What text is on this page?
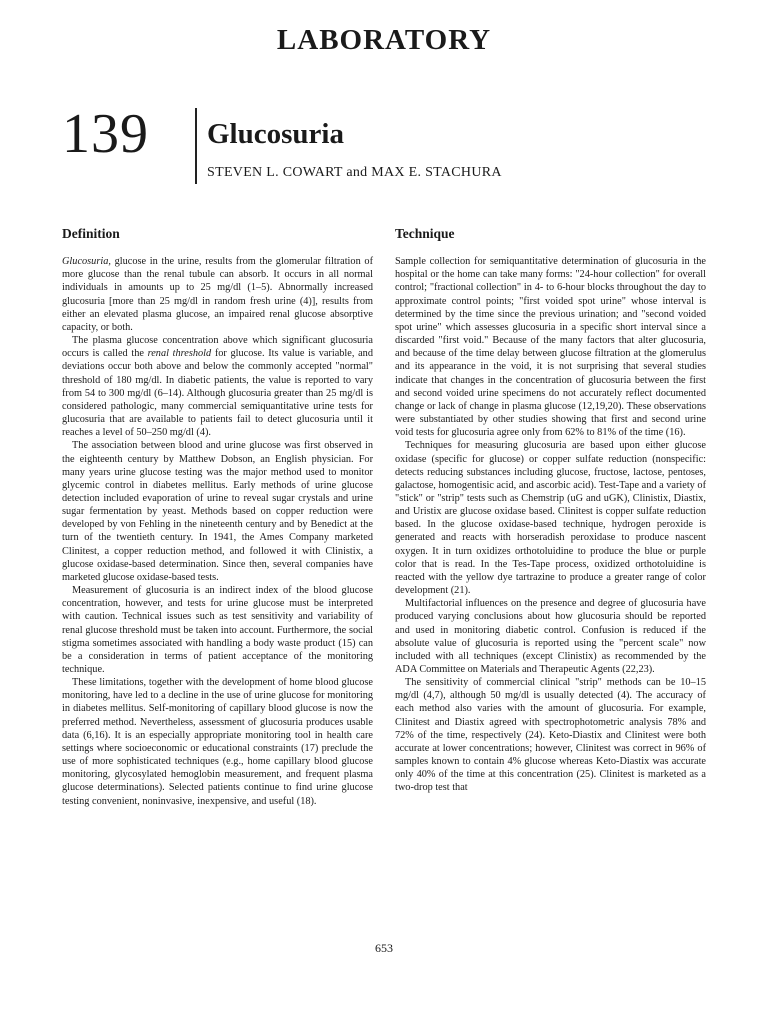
LABORATORY
139 Glucosuria
STEVEN L. COWART and MAX E. STACHURA
Definition

Glucosuria, glucose in the urine, results from the glomerular filtration of more glucose than the renal tubule can absorb. It occurs in all normal individuals in amounts up to 25 mg/dl (1–5). Abnormally increased glucosuria [more than 25 mg/dl in random fresh urine (4)], results from either an elevated plasma glucose, an impaired renal glucose absorptive capacity, or both.

The plasma glucose concentration above which significant glucosuria occurs is called the renal threshold for glucose. Its value is variable, and deviations occur both above and below the commonly accepted "normal" threshold of 180 mg/dl. In diabetic patients, the value is reported to vary from 54 to 300 mg/dl (6–14). Although glucosuria greater than 25 mg/dl is considered pathologic, many commercial semiquantitative urine tests for glucosuria that are available to patients fail to detect glucosuria until it reaches a level of 50–250 mg/dl (4).

The association between blood and urine glucose was first observed in the eighteenth century by Matthew Dobson, an English physician. For many years urine glucose testing was the major method used to monitor glycemic control in diabetes mellitus. Early methods of urine glucose detection included evaporation of urine to reveal sugar crystals and urine sugar fermentation by yeast. Methods based on copper reduction were developed by von Fehling in the nineteenth century and by Benedict at the turn of the twentieth century. In 1941, the Ames Company marketed Clinitest, a copper reduction method, and followed it with Clinistix, a glucose oxidase-based determination. Since then, several companies have marketed glucose oxidase-based tests.

Measurement of glucosuria is an indirect index of the blood glucose concentration, however, and tests for urine glucose must be interpreted with caution. Technical issues such as test sensitivity and variability of renal glucose threshold must be taken into account. Furthermore, the social stigma sometimes associated with handling a body waste product (15) can be a consideration in terms of patient acceptance of the monitoring technique.

These limitations, together with the development of home blood glucose monitoring, have led to a decline in the use of urine glucose for monitoring in diabetes mellitus. Self-monitoring of capillary blood glucose is now the preferred method. Nevertheless, assessment of glucosuria produces usable data (6,16). It is an especially appropriate monitoring tool in health care settings where socioeconomic or educational constraints (17) preclude the use of more sophisticated techniques (e.g., home capillary blood glucose monitoring, glycosylated hemoglobin measurement, and frequent plasma glucose determinations). Selected patients continue to find urine glucose testing convenient, noninvasive, inexpensive, and useful (18).

Technique

Sample collection for semiquantitative determination of glucosuria in the hospital or the home can take many forms: "24-hour collection" for overall control; "fractional collection" in 4- to 6-hour blocks throughout the day to approximate control points; "first voided spot urine" whose interval is determined by the time since the previous urination; and "second voided spot urine" which assesses glucosuria in a specific short interval since a discarded "first void." Because of the many factors that alter glucosuria, and because of the time delay between glucose filtration at the glomerulus and its appearance in the void, it is not surprising that several studies indicate that changes in the concentration of glucosuria between the first and second voided urine specimens do not accurately reflect documented change or lack of change in plasma glucose (12,19,20). These observations were substantiated by other studies showing that first and second urine void tests for glucosuria agree only from 62% to 81% of the time (16).

Techniques for measuring glucosuria are based upon either glucose oxidase (specific for glucose) or copper sulfate reduction (nonspecific: detects reducing substances including glucose, fructose, lactose, pentoses, galactose, homogentisic acid, and ascorbic acid). Test-Tape and a variety of "stick" or "strip" tests such as Chemstrip (uG and uGK), Clinistix, Diastix, and Uristix are glucose oxidase based. Clinitest is copper sulfate reduction based. In the glucose oxidase-based technique, hydrogen peroxide is generated and reacts with horseradish peroxidase to produce nascent oxygen. It in turn oxidizes orthotoluidine to produce the blue or purple color that is read. In the Tes-Tape process, oxidized orthotoluidine is reacted with the yellow dye tartrazine to produce a greater range of color development (21).

Multifactorial influences on the presence and degree of glucosuria have produced varying conclusions about how glucosuria should be reported and used in monitoring diabetic control. Confusion is reduced if the absolute value of glucosuria is reported using the "percent scale" now included with all techniques (except Clinistix) as recommended by the ADA Committee on Materials and Therapeutic Agents (22,23).

The sensitivity of commercial clinical "strip" methods can be 10–15 mg/dl (4,7), although 50 mg/dl is usually detected (4). The accuracy of each method also varies with the amount of glucosuria. For example, Clinitest and Diastix agreed with spectrophotometric analysis 78% and 72% of the time, respectively (24). Keto-Diastix and Clinitest were both accurate at lower concentrations; however, Clinitest was correct in 96% of samples known to contain 4% glucose whereas Keto-Diastix was accurate only 40% of the time at this concentration (25). Clinitest is marketed as a two-drop test that

653
